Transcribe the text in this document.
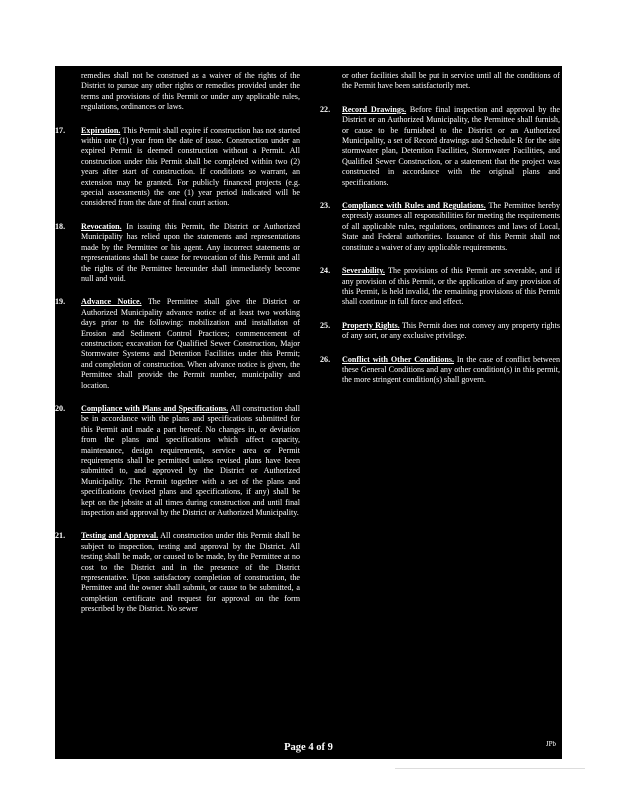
remedies shall not be construed as a waiver of the rights of the District to pursue any other rights or remedies provided under the terms and provisions of this Permit or under any applicable rules, regulations, ordinances or laws.
17. Expiration. This Permit shall expire if construction has not started within one (1) year from the date of issue. Construction under an expired Permit is deemed construction without a Permit. All construction under this Permit shall be completed within two (2) years after start of construction. If conditions so warrant, an extension may be granted. For publicly financed projects (e.g. special assessments) the one (1) year period indicated will be considered from the date of final court action.
18. Revocation. In issuing this Permit, the District or Authorized Municipality has relied upon the statements and representations made by the Permittee or his agent. Any incorrect statements or representations shall be cause for revocation of this Permit and all the rights of the Permittee hereunder shall immediately become null and void.
19. Advance Notice. The Permittee shall give the District or Authorized Municipality advance notice of at least two working days prior to the following: mobilization and installation of Erosion and Sediment Control Practices; commencement of construction; excavation for Qualified Sewer Construction, Major Stormwater Systems and Detention Facilities under this Permit; and completion of construction. When advance notice is given, the Permittee shall provide the Permit number, municipality and location.
20. Compliance with Plans and Specifications. All construction shall be in accordance with the plans and specifications submitted for this Permit and made a part hereof. No changes in, or deviation from the plans and specifications which affect capacity, maintenance, design requirements, service area or Permit requirements shall be permitted unless revised plans have been submitted to, and approved by the District or Authorized Municipality. The Permit together with a set of the plans and specifications (revised plans and specifications, if any) shall be kept on the jobsite at all times during construction and until final inspection and approval by the District or Authorized Municipality.
21. Testing and Approval. All construction under this Permit shall be subject to inspection, testing and approval by the District. All testing shall be made, or caused to be made, by the Permittee at no cost to the District and in the presence of the District representative. Upon satisfactory completion of construction, the Permittee and the owner shall submit, or cause to be submitted, a completion certificate and request for approval on the form prescribed by the District. No sewer
or other facilities shall be put in service until all the conditions of the Permit have been satisfactorily met.
22. Record Drawings. Before final inspection and approval by the District or an Authorized Municipality, the Permittee shall furnish, or cause to be furnished to the District or an Authorized Municipality, a set of Record drawings and Schedule R for the site stormwater plan, Detention Facilities, Stormwater Facilities, and Qualified Sewer Construction, or a statement that the project was constructed in accordance with the original plans and specifications.
23. Compliance with Rules and Regulations. The Permittee hereby expressly assumes all responsibilities for meeting the requirements of all applicable rules, regulations, ordinances and laws of Local, State and Federal authorities. Issuance of this Permit shall not constitute a waiver of any applicable requirements.
24. Severability. The provisions of this Permit are severable, and if any provision of this Permit, or the application of any provision of this Permit, is held invalid, the remaining provisions of this Permit shall continue in full force and effect.
25. Property Rights. This Permit does not convey any property rights of any sort, or any exclusive privilege.
26. Conflict with Other Conditions. In the case of conflict between these General Conditions and any other condition(s) in this permit, the more stringent condition(s) shall govern.
Page 4 of 9	JPb
